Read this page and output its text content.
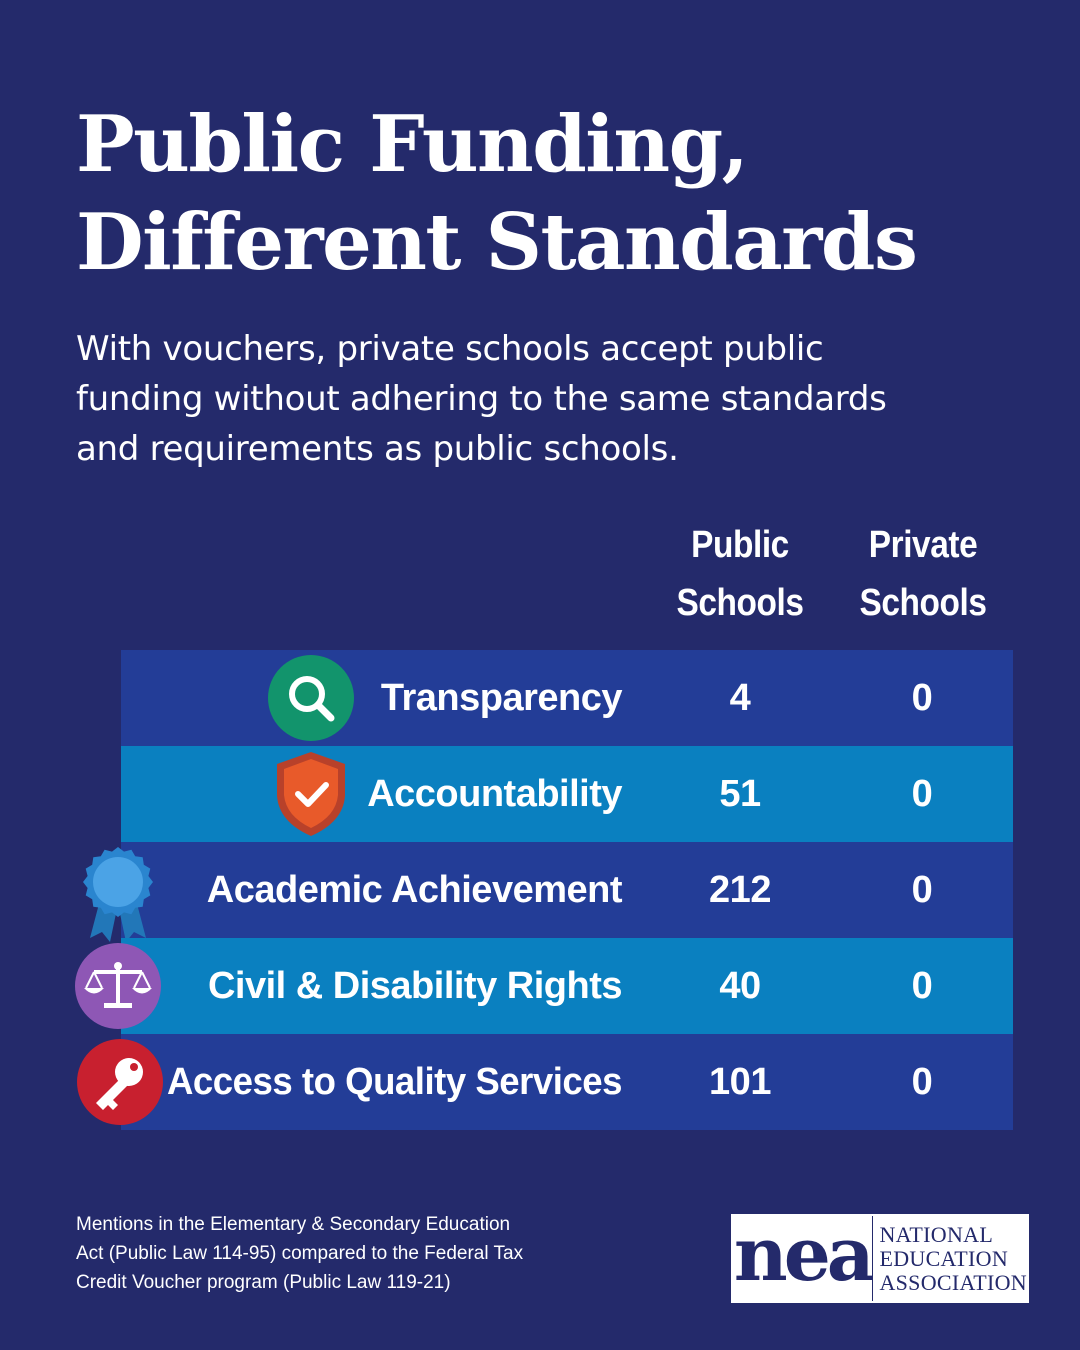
Public Funding,
Different Standards

With vouchers, private schools accept public
funding without adhering to the same standards
and requirements as public schools.

Public
Schools
Private
Schools
Transparency	4	0
Accountability	51	0
Academic Achievement 212	0
Civil & Disability Rights	40	0
Access to Quality Services 101	0

Mentions in the Elementary & Secondary Education
Act (Public Law 114-95) compared to the Federal Tax
Credit Voucher program (Public Law 119-21)	nea NATIONAL
EDUCATION
ASSOCIATION
